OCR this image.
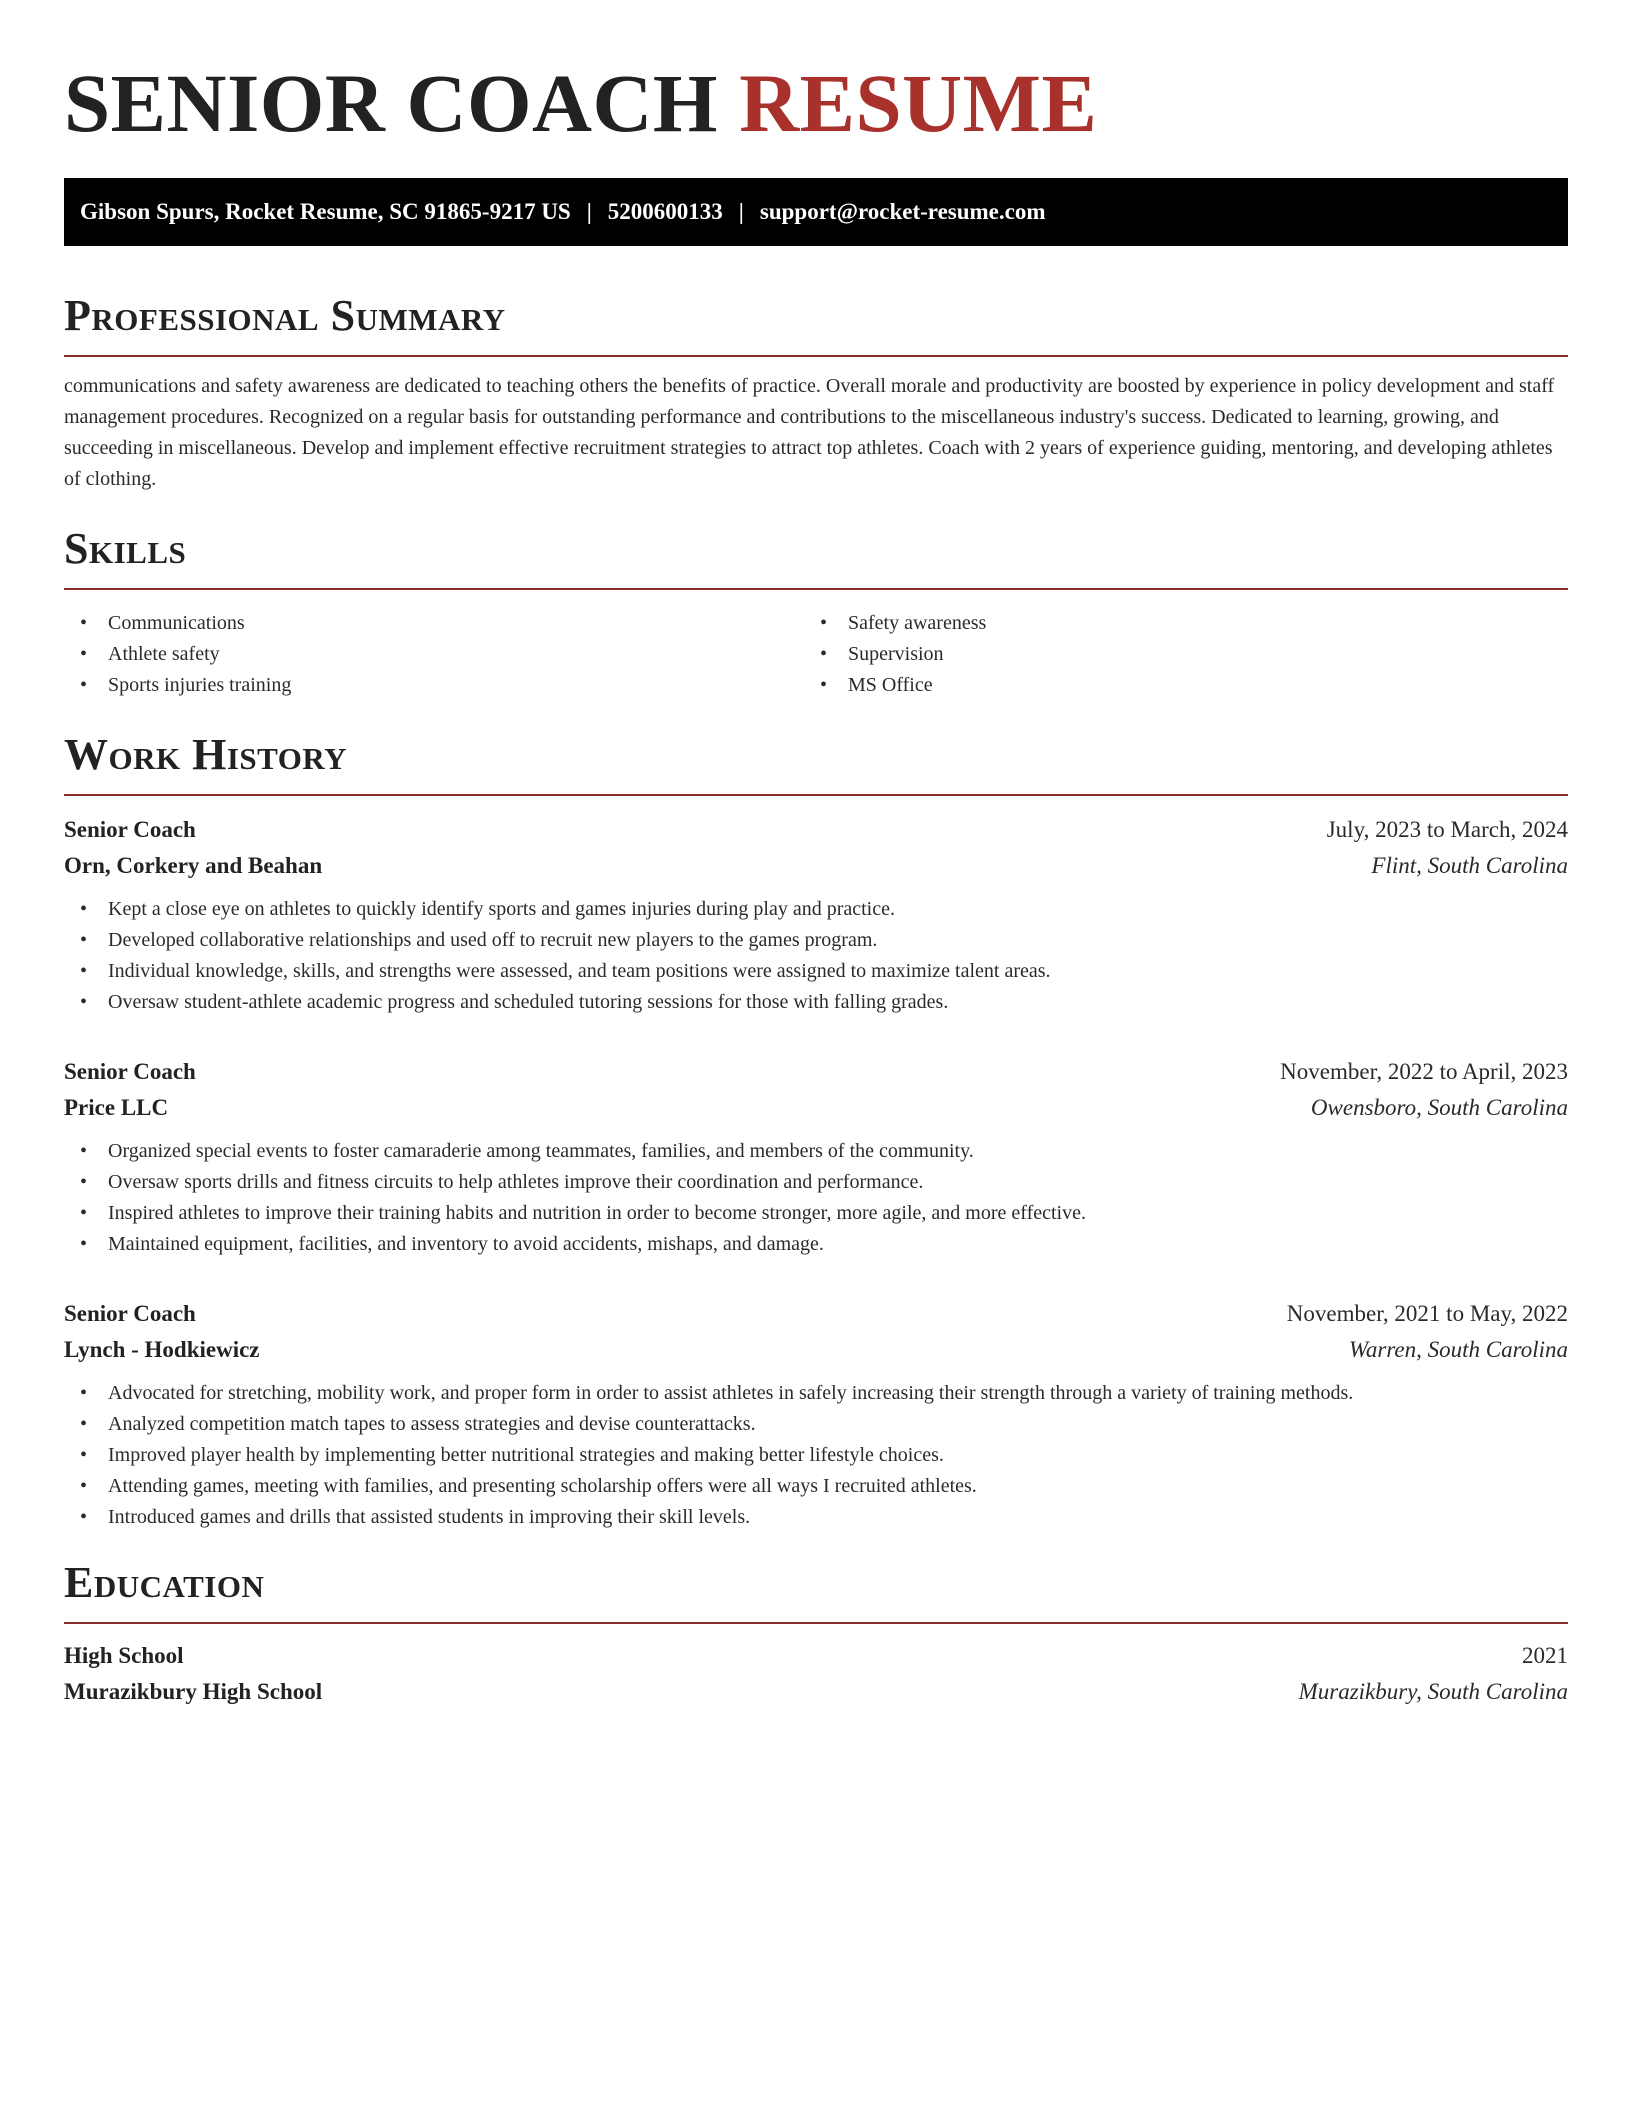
SENIOR COACH RESUME
Gibson Spurs, Rocket Resume, SC 91865-9217 US | 5200600133 | support@rocket-resume.com
Professional Summary

communications and safety awareness are dedicated to teaching others the benefits of practice. Overall morale and productivity are boosted by experience in policy development and staff management procedures. Recognized on a regular basis for outstanding performance and contributions to the miscellaneous industry's success. Dedicated to learning, growing, and succeeding in miscellaneous. Develop and implement effective recruitment strategies to attract top athletes. Coach with 2 years of experience guiding, mentoring, and developing athletes of clothing.

Skills
• Communications
• Athlete safety
• Sports injuries training
• Safety awareness
• Supervision
• MS Office
Work History
Senior Coach	July, 2023 to March, 2024
Orn, Corkery and Beahan	Flint, South Carolina
• Kept a close eye on athletes to quickly identify sports and games injuries during play and practice.
• Developed collaborative relationships and used off to recruit new players to the games program.
• Individual knowledge, skills, and strengths were assessed, and team positions were assigned to maximize talent areas.
• Oversaw student-athlete academic progress and scheduled tutoring sessions for those with falling grades.
Senior Coach	November, 2022 to April, 2023
Price LLC	Owensboro, South Carolina
• Organized special events to foster camaraderie among teammates, families, and members of the community.
• Oversaw sports drills and fitness circuits to help athletes improve their coordination and performance.
• Inspired athletes to improve their training habits and nutrition in order to become stronger, more agile, and more effective.
• Maintained equipment, facilities, and inventory to avoid accidents, mishaps, and damage.
Senior Coach	November, 2021 to May, 2022
Lynch - Hodkiewicz	Warren, South Carolina
• Advocated for stretching, mobility work, and proper form in order to assist athletes in safely increasing their strength through a variety of training methods.
• Analyzed competition match tapes to assess strategies and devise counterattacks.
• Improved player health by implementing better nutritional strategies and making better lifestyle choices.
• Attending games, meeting with families, and presenting scholarship offers were all ways I recruited athletes.
• Introduced games and drills that assisted students in improving their skill levels.
Education
High School	2021
Murazikbury High School	Murazikbury, South Carolina
